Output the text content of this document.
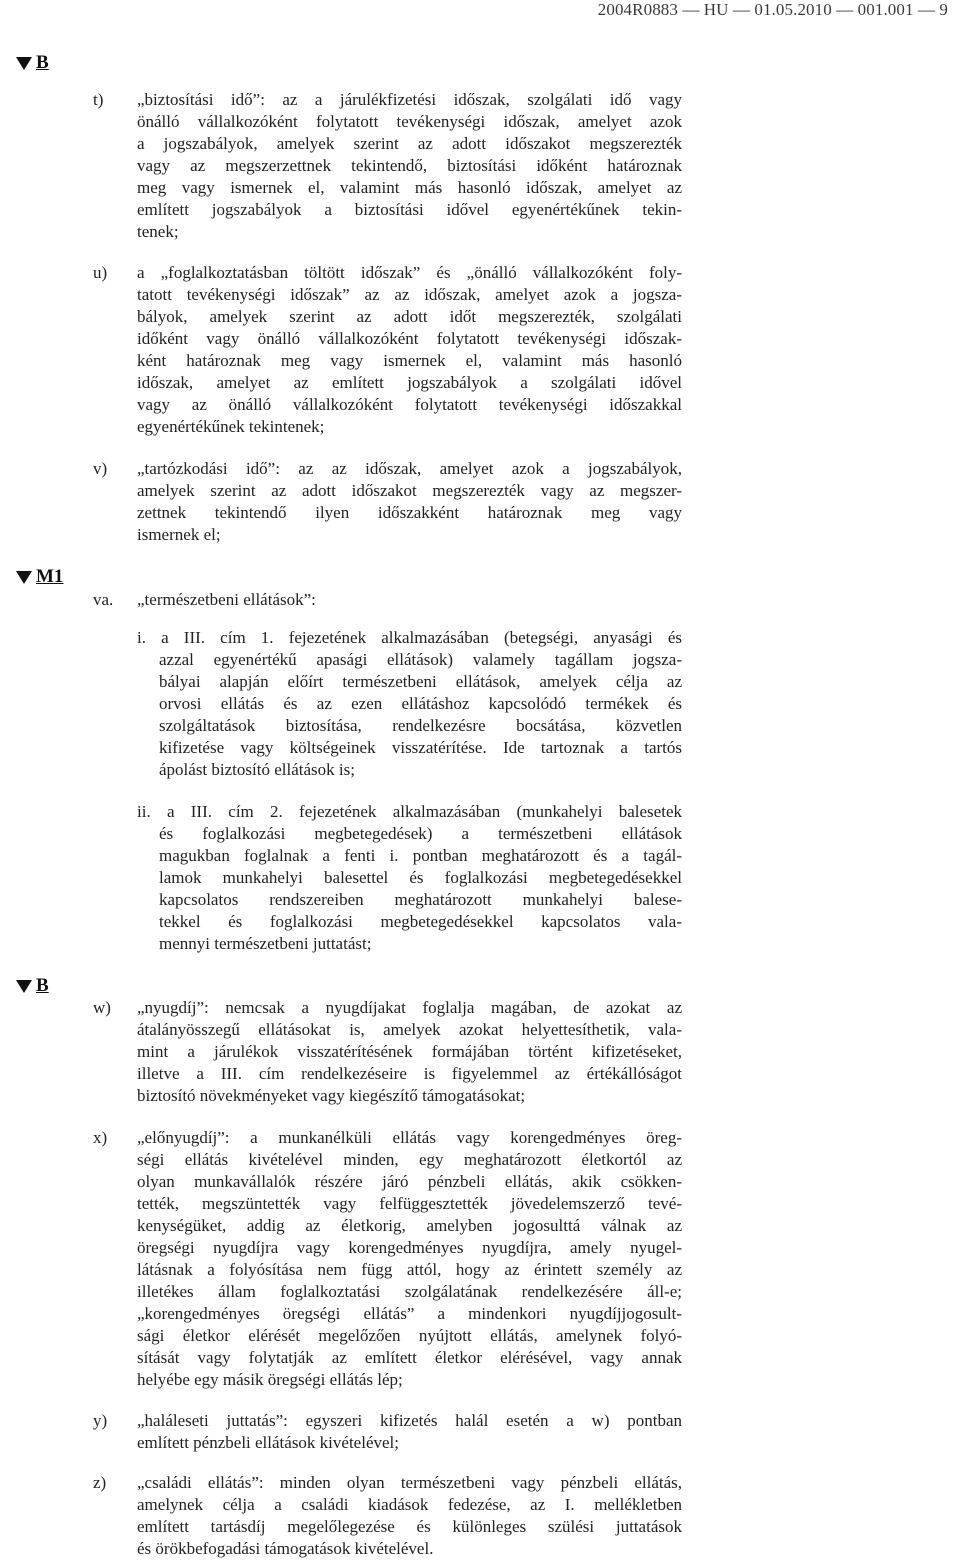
2004R0883 — HU — 01.05.2010 — 001.001 — 9
B
M1
B
t) „biztosítási idő”: az a járulékfizetési időszak, szolgálati idő vagy
önálló vállalkozóként folytatott tevékenységi időszak, amelyet azok
a jogszabályok, amelyek szerint az adott időszakot megszerezték
vagy az megszerzettnek tekintendő, biztosítási időként határoznak
meg vagy ismernek el, valamint más hasonló időszak, amelyet az
említett jogszabályok a biztosítási idővel egyenértékűnek tekin-
tenek;
u) a „foglalkoztatásban töltött időszak” és „önálló vállalkozóként foly-
tatott tevékenységi időszak” az az időszak, amelyet azok a jogsza-
bályok, amelyek szerint az adott időt megszerezték, szolgálati
időként vagy önálló vállalkozóként folytatott tevékenységi időszak-
ként határoznak meg vagy ismernek el, valamint más hasonló
időszak, amelyet az említett jogszabályok a szolgálati idővel
vagy az önálló vállalkozóként folytatott tevékenységi időszakkal
egyenértékűnek tekintenek;
v) „tartózkodási idő”: az az időszak, amelyet azok a jogszabályok,
amelyek szerint az adott időszakot megszerezték vagy az megszer-
zettnek tekintendő ilyen időszakként határoznak meg vagy
ismernek el;
va. „természetbeni ellátások”:
i. a III. cím 1. fejezetének alkalmazásában (betegségi, anyasági és
azzal egyenértékű apasági ellátások) valamely tagállam jogsza-
bályai alapján előírt természetbeni ellátások, amelyek célja az
orvosi ellátás és az ezen ellátáshoz kapcsolódó termékek és
szolgáltatások biztosítása, rendelkezésre bocsátása, közvetlen
kifizetése vagy költségeinek visszatérítése. Ide tartoznak a tartós
ápolást biztosító ellátások is;
ii. a III. cím 2. fejezetének alkalmazásában (munkahelyi balesetek
és foglalkozási megbetegedések) a természetbeni ellátások
magukban foglalnak a fenti i. pontban meghatározott és a tagál-
lamok munkahelyi balesettel és foglalkozási megbetegedésekkel
kapcsolatos rendszereiben meghatározott munkahelyi balese-
tekkel és foglalkozási megbetegedésekkel kapcsolatos vala-
mennyi természetbeni juttatást;
w) „nyugdíj”: nemcsak a nyugdíjakat foglalja magában, de azokat az
átalányösszegű ellátásokat is, amelyek azokat helyettesíthetik, vala-
mint a járulékok visszatérítésének formájában történt kifizetéseket,
illetve a III. cím rendelkezéseire is figyelemmel az értékállóságot
biztosító növekményeket vagy kiegészítő támogatásokat;
x) „előnyugdíj”: a munkanélküli ellátás vagy korengedményes öreg-
ségi ellátás kivételével minden, egy meghatározott életkortól az
olyan munkavállalók részére járó pénzbeli ellátás, akik csökken-
tették, megszüntették vagy felfüggesztették jövedelemszerző tevé-
kenységüket, addig az életkorig, amelyben jogosulttá válnak az
öregségi nyugdíjra vagy korengedményes nyugdíjra, amely nyugel-
látásnak a folyósítása nem függ attól, hogy az érintett személy az
illetékes állam foglalkoztatási szolgálatának rendelkezésére áll-e;
„korengedményes öregségi ellátás” a mindenkori nyugdíjjogosult-
sági életkor elérését megelőzően nyújtott ellátás, amelynek folyó-
sítását vagy folytatják az említett életkor elérésével, vagy annak
helyébe egy másik öregségi ellátás lép;
y) „haláleseti juttatás”: egyszeri kifizetés halál esetén a w) pontban
említett pénzbeli ellátások kivételével;
z) „családi ellátás”: minden olyan természetbeni vagy pénzbeli ellátás,
amelynek célja a családi kiadások fedezése, az I. mellékletben
említett tartásdíj megelőlegezése és különleges szülési juttatások
és örökbefogadási támogatások kivételével.
